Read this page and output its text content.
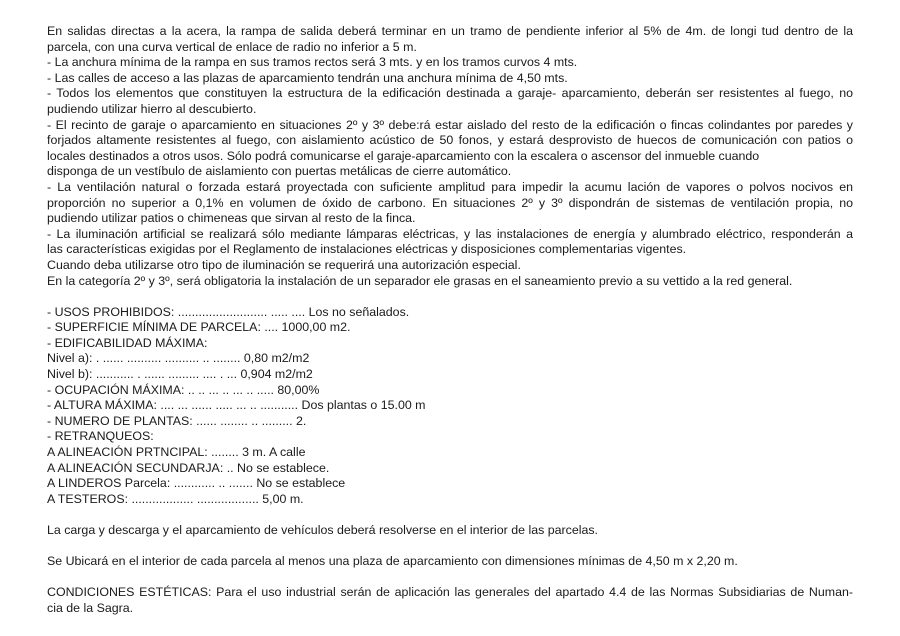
En salidas directas a la acera, la rampa de salida deberá terminar en un tramo de pendiente inferior al 5% de 4m. de longi tud dentro de la
parcela, con una curva vertical de enlace de radio no inferior a 5 m.
- La anchura mínima de la rampa en sus tramos rectos será 3 mts. y en los tramos curvos 4 mts.
- Las calles de acceso a las plazas de aparcamiento tendrán una anchura mínima de 4,50 mts.
- Todos los elementos que constituyen la estructura de la edificación destinada a garaje- aparcamiento, deberán ser resistentes al fuego, no
pudiendo utilizar hierro al descubierto.
- El recinto de garaje o aparcamiento en situaciones 2º y 3º debe:rá estar aislado del resto de la edificación o fincas colindantes por paredes y
forjados altamente resistentes al fuego, con aislamiento acústico de 50 fonos, y estará desprovisto de huecos de comunicación con patios o
locales destinados a otros usos. Sólo podrá comunicarse el garaje-aparcamiento con la escalera o ascensor del inmueble cuando
disponga de un vestíbulo de aislamiento con puertas metálicas de cierre automático.
- La ventilación natural o forzada estará proyectada con suficiente amplitud para impedir la acumu lación de vapores o polvos nocivos en
proporción no superior a 0,1% en volumen de óxido de carbono. En situaciones 2º y 3º dispondrán de sistemas de ventilación propia, no
pudiendo utilizar patios o chimeneas que sirvan al resto de la finca.
- La iluminación artificial se realizará sólo mediante lámparas eléctricas, y las instalaciones de energía y alumbrado eléctrico, responderán a
las características exigidas por el Reglamento de instalaciones eléctricas y disposiciones complementarias vigentes.
Cuando deba utilizarse otro tipo de iluminación se requerirá una autorización especial.
En la categoría 2º y 3º, será obligatoria la instalación de un separador ele grasas en el saneamiento previo a su vettido a la red general.
- USOS PROHIBIDOS: .......................... ..... .... Los no señalados.
- SUPERFICIE MÍNIMA DE PARCELA: .... 1000,00 m2.
- EDIFICABILIDAD MÁXIMA:
Nivel a): . ...... .......... .......... .. ........ 0,80 m2/m2
Nivel b): ........... . ...... ......... .... . ... 0,904 m2/m2
- OCUPACIÓN MÁXIMA: .. .. ... .. ... .. ..... 80,00%
- ALTURA MÁXIMA: .... ... ...... ..... ... .. ........... Dos plantas o 15.00 m
- NUMERO DE PLANTAS: ...... ........ .. ......... 2.
- RETRANQUEOS:
A ALINEACIÓN PRTNCIPAL: ........ 3 m. A calle
A ALINEACIÓN SECUNDARJA: .. No se establece.
A LINDEROS Parcela: ............ .. ....... No se establece
A TESTEROS: .................. .................. 5,00 m.
La carga y descarga y el aparcamiento de vehículos deberá resolverse en el interior de las parcelas.
Se Ubicará en el interior de cada parcela al menos una plaza de aparcamiento con dimensiones mínimas de 4,50 m x 2,20 m.
CONDICIONES ESTÉTICAS: Para el uso industrial serán de aplicación las generales del apartado 4.4 de las Normas Subsidiarias de Numan-
cia de la Sagra.
